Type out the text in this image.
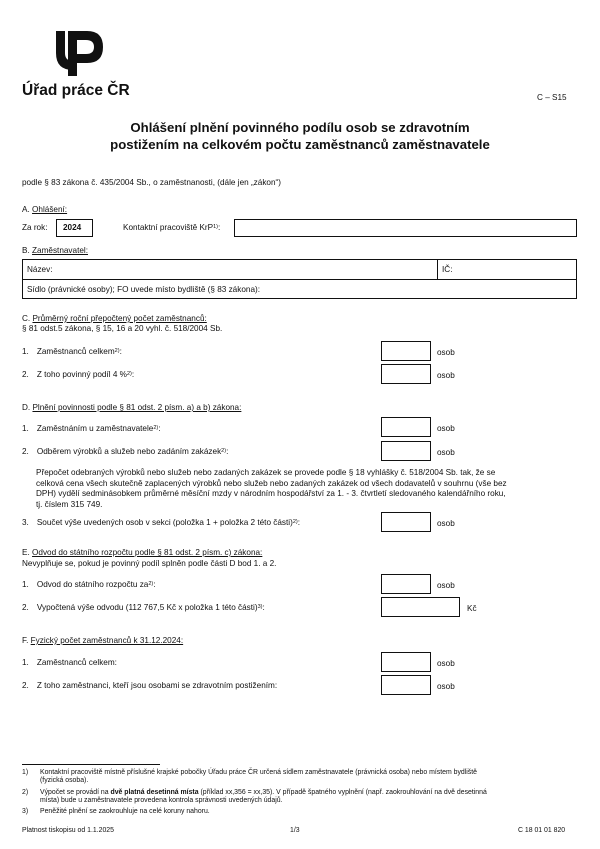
Úřad práce ČR	C – S15
Ohlášení plnění povinného podílu osob se zdravotním
postižením na celkovém počtu zaměstnanců zaměstnavatele
podle § 83 zákona č. 435/2004 Sb., o zaměstnanosti, (dále jen „zákon“)
A. Ohlášení:
Za rok: 2024	Kontaktní pracoviště KrP$^{1)}$:
B. Zaměstnavatel:
Název:	IČ:
Sídlo (právnické osoby); FO uvede místo bydliště (§ 83 zákona):
C. Průměrný roční přepočtený počet zaměstnanců:
§ 81 odst.5 zákona, § 15, 16 a 20 vyhl. č. 518/2004 Sb.
1. Zaměstnanců celkem$^{2)}$:	osob
2. Z toho povinný podíl 4 %$^{2)}$:	osob
D. Plnění povinnosti podle § 81 odst. 2 písm. a) a b) zákona:
1. Zaměstnáním u zaměstnavatele$^{2)}$:	osob
2. Odběrem výrobků a služeb nebo zadáním zakázek$^{2)}$:	osob
Přepočet odebraných výrobků nebo služeb nebo zadaných zakázek se provede podle § 18 vyhlášky č. 518/2004 Sb. tak, že se
celková cena všech skutečně zaplacených výrobků nebo služeb nebo zadaných zakázek od všech dodavatelů v souhrnu (vše bez
DPH) vydělí sedminásobkem průměrné měsíční mzdy v národním hospodářství za 1. - 3. čtvrtletí sledovaného kalendářního roku,
tj. číslem 315 749.
3. Součet výše uvedených osob v sekci (položka 1 + položka 2 této části)$^{2)}$:	osob
E. Odvod do státního rozpočtu podle § 81 odst. 2 písm. c) zákona:
Nevyplňuje se, pokud je povinný podíl splněn podle části D bod 1. a 2.
1. Odvod do státního rozpočtu $za^{2)}$:	osob
2. Vypočtená výše odvodu (112 767,5 Kč x položka 1 této části)$^{3)}$:	Kč
F. Fyzický počet zaměstnanců k 31.12.2024:
1. Zaměstnanců celkem:	osob
2. Z toho zaměstnanci, kteří jsou osobami se zdravotním postižením:	osob
1) Kontaktní pracoviště místně příslušné krajské pobočky Úřadu práce ČR určená sídlem zaměstnavatele (právnická osoba) nebo místem bydliště
(fyzická osoba).
2) Výpočet se provádí na dvě platná desetinná místa (příklad xx,356 = xx,35). V případě špatného vyplnění (např. zaokrouhlování na dvě desetinná
místa) bude u zaměstnavatele provedena kontrola správnosti uvedených údajů.
3) Peněžité plnění se zaokrouhluje na celé koruny nahoru.
Platnost tiskopisu od 1.1.2025	1/3	C 18 01 01 820
